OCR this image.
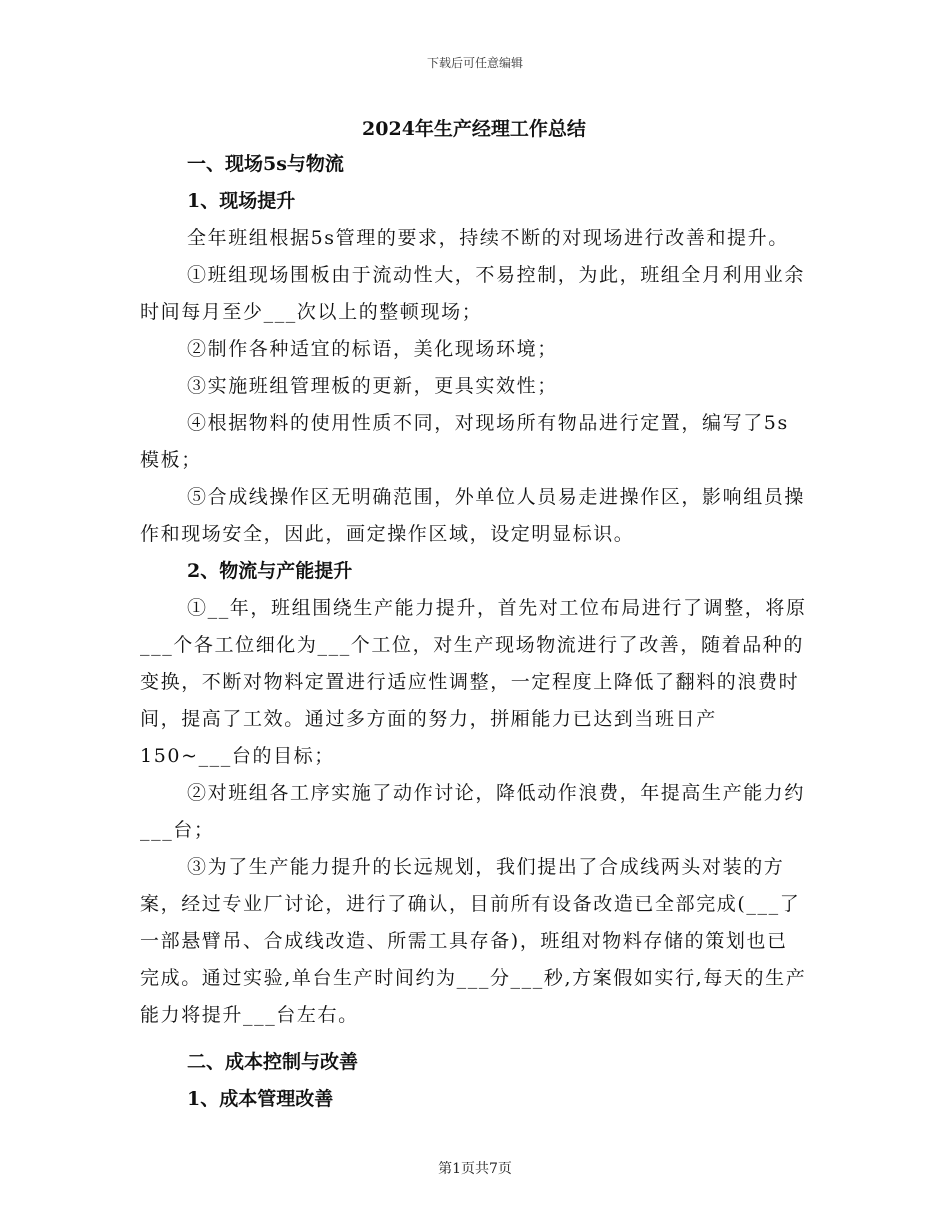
下载后可任意编辑
2024年生产经理工作总结
一、现场5s与物流
1、现场提升

全年班组根据5s管理的要求，持续不断的对现场进行改善和提升。

①班组现场围板由于流动性大，不易控制，为此，班组全月利用业余时间每月至少___次以上的整顿现场；

②制作各种适宜的标语，美化现场环境；

③实施班组管理板的更新，更具实效性；

④根据物料的使用性质不同，对现场所有物品进行定置，编写了5s模板；

⑤合成线操作区无明确范围，外单位人员易走进操作区，影响组员操作和现场安全，因此，画定操作区域，设定明显标识。

2、物流与产能提升

①__年，班组围绕生产能力提升，首先对工位布局进行了调整，将原___个各工位细化为___个工位，对生产现场物流进行了改善，随着品种的变换，不断对物料定置进行适应性调整，一定程度上降低了翻料的浪费时间，提高了工效。通过多方面的努力，拼厢能力已达到当班日产150~___台的目标；

②对班组各工序实施了动作讨论，降低动作浪费，年提高生产能力约___台；

③为了生产能力提升的长远规划，我们提出了合成线两头对装的方案，经过专业厂讨论，进行了确认，目前所有设备改造已全部完成(___了一部悬臂吊、合成线改造、所需工具存备)，班组对物料存储的策划也已完成。通过实验,单台生产时间约为___分___秒,方案假如实行,每天的生产能力将提升___台左右。

二、成本控制与改善
1、成本管理改善
第1页共7页
